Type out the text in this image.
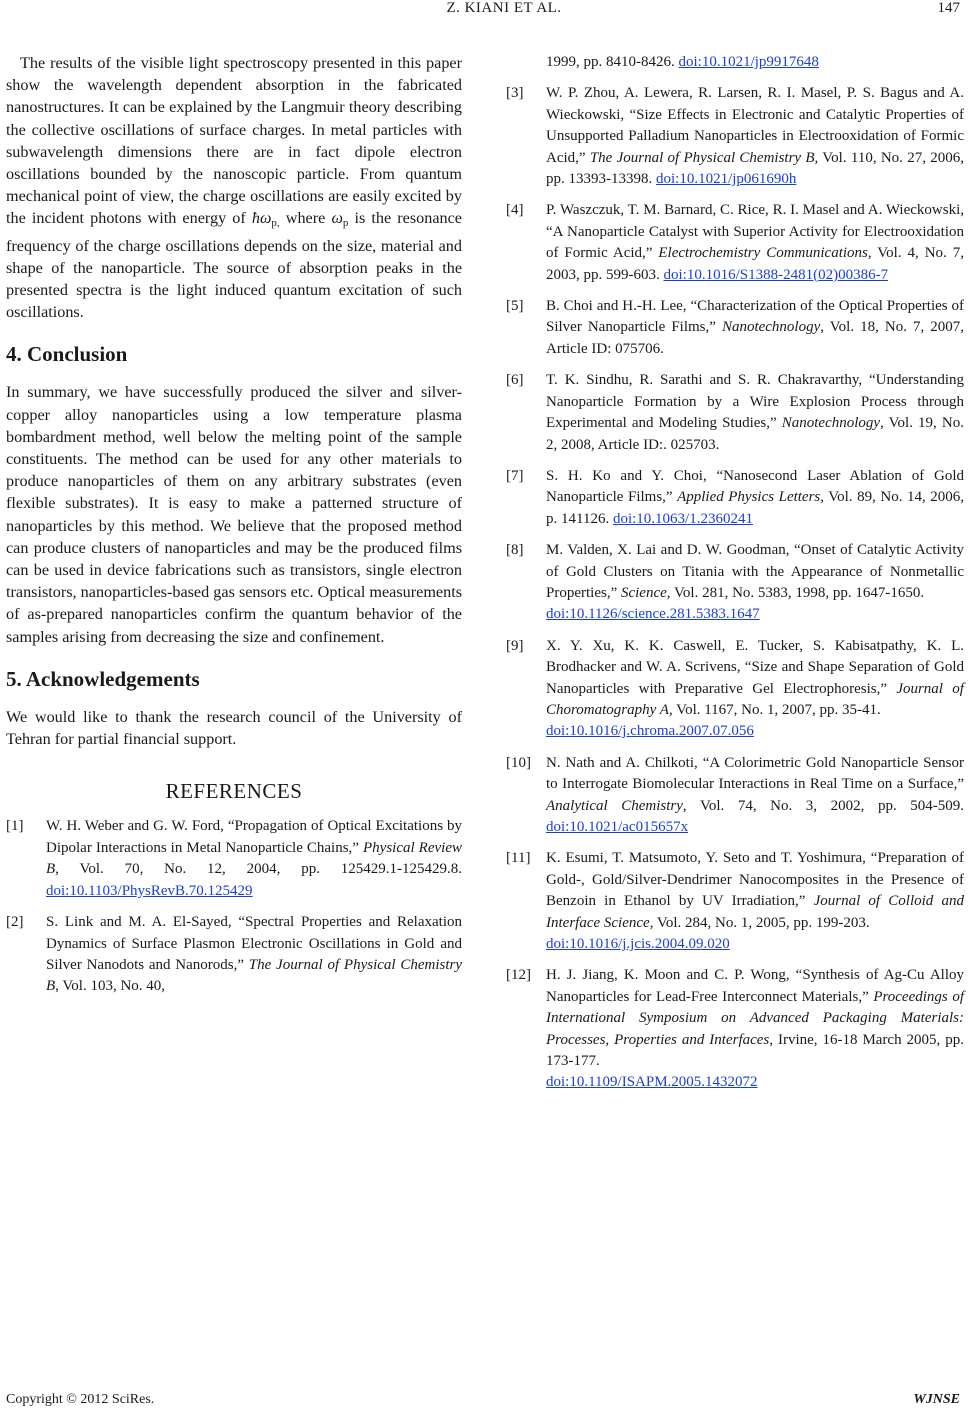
Z. KIANI ET AL.	147

The results of the visible light spectroscopy presented in this paper show the wavelength dependent absorption in the fabricated nanostructures. It can be explained by the Langmuir theory describing the collective oscillations of surface charges. In metal particles with subwavelength dimensions there are in fact dipole electron oscillations bounded by the nanoscopic particle. From quantum mechanical point of view, the charge oscillations are easily excited by the incident photons with energy of $ħ\omega_{p,}$ where $\omega_p$ is the resonance frequency of the charge oscillations depends on the size, material and shape of the nanoparticle. The source of absorption peaks in the presented spectra is the light induced quantum excitation of such oscillations.

4. Conclusion

In summary, we have successfully produced the silver and silver-copper alloy nanoparticles using a low temperature plasma bombardment method, well below the melting point of the sample constituents. The method can be used for any other materials to produce nanoparticles of them on any arbitrary substrates (even flexible substrates). It is easy to make a patterned structure of nanoparticles by this method. We believe that the proposed method can produce clusters of nanoparticles and may be the produced films can be used in device fabrications such as transistors, single electron transistors, nanoparticles-based gas sensors etc. Optical measurements of as-prepared nanoparticles confirm the quantum behavior of the samples arising from decreasing the size and confinement.

5. Acknowledgements

We would like to thank the research council of the University of Tehran for partial financial support.

REFERENCES
[1] W. H. Weber and G. W. Ford, “Propagation of Optical Excitations by Dipolar Interactions in Metal Nanoparticle Chains,” Physical Review B, Vol. 70, No. 12, 2004, pp. 125429.1-125429.8. doi:10.1103/PhysRevB.70.125429
[2] S. Link and M. A. El-Sayed, “Spectral Properties and Relaxation Dynamics of Surface Plasmon Electronic Oscillations in Gold and Silver Nanodots and Nanorods,” The Journal of Physical Chemistry B, Vol. 103, No. 40,
1999, pp. 8410-8426. doi:10.1021/jp9917648
[3] W. P. Zhou, A. Lewera, R. Larsen, R. I. Masel, P. S. Bagus and A. Wieckowski, “Size Effects in Electronic and Catalytic Properties of Unsupported Palladium Nanoparticles in Electrooxidation of Formic Acid,” The Journal of Physical Chemistry B, Vol. 110, No. 27, 2006, pp. 13393-13398. doi:10.1021/jp061690h
[4] P. Waszczuk, T. M. Barnard, C. Rice, R. I. Masel and A. Wieckowski, “A Nanoparticle Catalyst with Superior Activity for Electrooxidation of Formic Acid,” Electrochemistry Communications, Vol. 4, No. 7, 2003, pp. 599-603. doi:10.1016/S1388-2481(02)00386-7
[5] B. Choi and H.-H. Lee, “Characterization of the Optical Properties of Silver Nanoparticle Films,” Nanotechnology, Vol. 18, No. 7, 2007, Article ID: 075706.
[6] T. K. Sindhu, R. Sarathi and S. R. Chakravarthy, “Understanding Nanoparticle Formation by a Wire Explosion Process through Experimental and Modeling Studies,” Nanotechnology, Vol. 19, No. 2, 2008, Article ID:. 025703.
[7] S. H. Ko and Y. Choi, “Nanosecond Laser Ablation of Gold Nanoparticle Films,” Applied Physics Letters, Vol. 89, No. 14, 2006, p. 141126. doi:10.1063/1.2360241
[8] M. Valden, X. Lai and D. W. Goodman, “Onset of Catalytic Activity of Gold Clusters on Titania with the Appearance of Nonmetallic Properties,” Science, Vol. 281, No. 5383, 1998, pp. 1647-1650.
doi:10.1126/science.281.5383.1647
[9] X. Y. Xu, K. K. Caswell, E. Tucker, S. Kabisatpathy, K. L. Brodhacker and W. A. Scrivens, “Size and Shape Separation of Gold Nanoparticles with Preparative Gel Electrophoresis,” Journal of Choromatography A, Vol. 1167, No. 1, 2007, pp. 35-41.
doi:10.1016/j.chroma.2007.07.056
[10] N. Nath and A. Chilkoti, “A Colorimetric Gold Nanoparticle Sensor to Interrogate Biomolecular Interactions in Real Time on a Surface,” Analytical Chemistry, Vol. 74, No. 3, 2002, pp. 504-509. doi:10.1021/ac015657x
[11] K. Esumi, T. Matsumoto, Y. Seto and T. Yoshimura, “Preparation of Gold-, Gold/Silver-Dendrimer Nanocomposites in the Presence of Benzoin in Ethanol by UV Irradiation,” Journal of Colloid and Interface Science, Vol. 284, No. 1, 2005, pp. 199-203.
doi:10.1016/j.jcis.2004.09.020
[12] H. J. Jiang, K. Moon and C. P. Wong, “Synthesis of Ag-Cu Alloy Nanoparticles for Lead-Free Interconnect Materials,” Proceedings of International Symposium on Advanced Packaging Materials: Processes, Properties and Interfaces, Irvine, 16-18 March 2005, pp. 173-177.
doi:10.1109/ISAPM.2005.1432072
Copyright © 2012 SciRes.	WJNSE
